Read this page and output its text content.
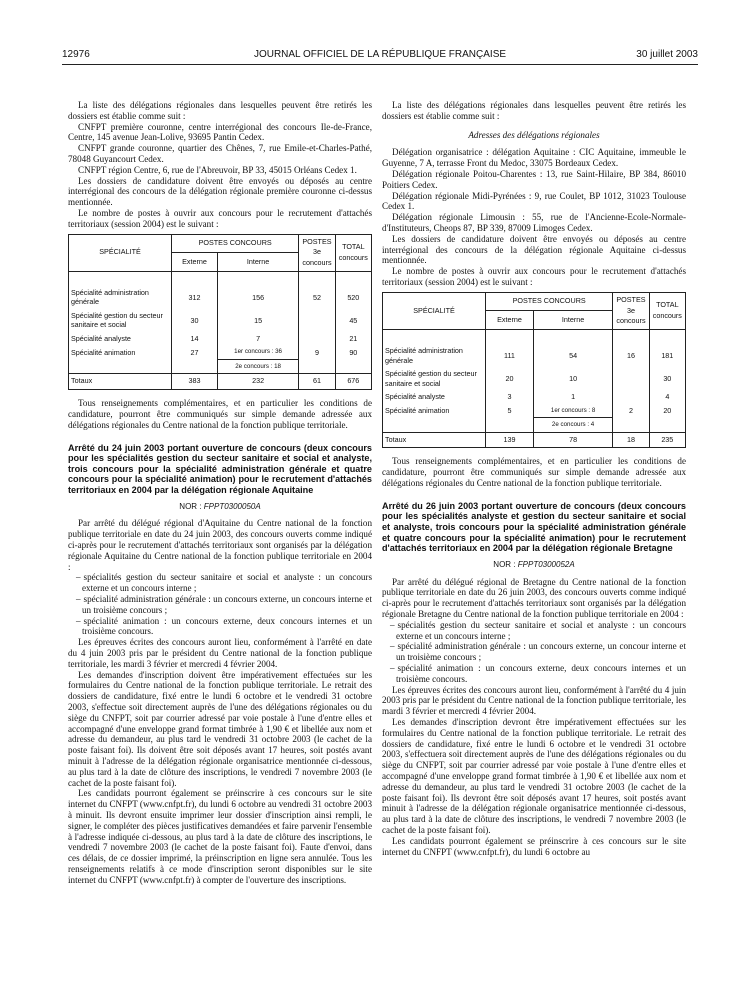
12976	JOURNAL OFFICIEL DE LA RÉPUBLIQUE FRANÇAISE	30 juillet 2003

La liste des délégations régionales dans lesquelles peuvent être retirés les dossiers est établie comme suit :

CNFPT première couronne, centre interrégional des concours Ile-de-France, Centre, 145 avenue Jean-Lolive, 93695 Pantin Cedex.

CNFPT grande couronne, quartier des Chênes, 7, rue Emile-et-Charles-Pathé, 78048 Guyancourt Cedex.

CNFPT région Centre, 6, rue de l'Abreuvoir, BP 33, 45015 Orléans Cedex 1.

Les dossiers de candidature doivent être envoyés ou déposés au centre interrégional des concours de la délégation régionale première couronne ci-dessus mentionnée.

Le nombre de postes à ouvrir aux concours pour le recrutement d'attachés territoriaux (session 2004) est le suivant :

SPÉCIALITÉ	POSTES CONCOURS		POSTES 3e concours	TOTAL concours
	Externe	Interne		
Spécialité administration générale	312	156	52	520
Spécialité gestion du secteur sanitaire et social	30	15		45
Spécialité analyste	14	7		21
Spécialité animation	27	1er concours : 36	9	90
		2e concours : 18		
Totaux	383	232	61	676

Tous renseignements complémentaires, et en particulier les conditions de candidature, pourront être communiqués sur simple demande adressée aux délégations régionales du Centre national de la fonction publique territoriale.

Arrêté du 24 juin 2003 portant ouverture de concours (deux concours pour les spécialités gestion du secteur sanitaire et social et analyste, trois concours pour la spécialité administration générale et quatre concours pour la spécialité animation) pour le recrutement d'attachés territoriaux en 2004 par la délégation régionale Aquitaine
NOR : FPPT0300050A

Par arrêté du délégué régional d'Aquitaine du Centre national de la fonction publique territoriale en date du 24 juin 2003, des concours ouverts comme indiqué ci-après pour le recrutement d'attachés territoriaux sont organisés par la délégation régionale Aquitaine du Centre national de la fonction publique territoriale en 2004 :

– spécialités gestion du secteur sanitaire et social et analyste : un concours externe et un concours interne ;
– spécialité administration générale : un concours externe, un concours interne et un troisième concours ;
– spécialité animation : un concours externe, deux concours internes et un troisième concours.

Les épreuves écrites des concours auront lieu, conformément à l'arrêté en date du 4 juin 2003 pris par le président du Centre national de la fonction publique territoriale, les mardi 3 février et mercredi 4 février 2004.

Les demandes d'inscription doivent être impérativement effectuées sur les formulaires du Centre national de la fonction publique territoriale. Le retrait des dossiers de candidature, fixé entre le lundi 6 octobre et le vendredi 31 octobre 2003, s'effectue soit directement auprès de l'une des délégations régionales ou du siège du CNFPT, soit par courrier adressé par voie postale à l'une d'entre elles et accompagné d'une enveloppe grand format timbrée à 1,90 € et libellée aux nom et adresse du demandeur, au plus tard le vendredi 31 octobre 2003 (le cachet de la poste faisant foi). Ils doivent être soit déposés avant 17 heures, soit postés avant minuit à l'adresse de la délégation régionale organisatrice mentionnée ci-dessous, au plus tard à la date de clôture des inscriptions, le vendredi 7 novembre 2003 (le cachet de la poste faisant foi).

Les candidats pourront également se préinscrire à ces concours sur le site internet du CNFPT (www.cnfpt.fr), du lundi 6 octobre au vendredi 31 octobre 2003 à minuit. Ils devront ensuite imprimer leur dossier d'inscription ainsi rempli, le signer, le compléter des pièces justificatives demandées et faire parvenir l'ensemble à l'adresse indiquée ci-dessous, au plus tard à la date de clôture des inscriptions, le vendredi 7 novembre 2003 (le cachet de la poste faisant foi). Faute d'envoi, dans ces délais, de ce dossier imprimé, la préinscription en ligne sera annulée. Tous les renseignements relatifs à ce mode d'inscription seront disponibles sur le site internet du CNFPT (www.cnfpt.fr) à compter de l'ouverture des inscriptions.

La liste des délégations régionales dans lesquelles peuvent être retirés les dossiers est établie comme suit :

Adresses des délégations régionales

Délégation organisatrice : délégation Aquitaine : CIC Aquitaine, immeuble le Guyenne, 7 A, terrasse Front du Medoc, 33075 Bordeaux Cedex.

Délégation régionale Poitou-Charentes : 13, rue Saint-Hilaire, BP 384, 86010 Poitiers Cedex.

Délégation régionale Midi-Pyrénées : 9, rue Coulet, BP 1012, 31023 Toulouse Cedex 1.

Délégation régionale Limousin : 55, rue de l'Ancienne-Ecole-Normale-d'Instituteurs, Cheops 87, BP 339, 87009 Limoges Cedex.

Les dossiers de candidature doivent être envoyés ou déposés au centre interrégional des concours de la délégation régionale Aquitaine ci-dessus mentionnée.

Le nombre de postes à ouvrir aux concours pour le recrutement d'attachés territoriaux (session 2004) est le suivant :

SPÉCIALITÉ	POSTES CONCOURS		POSTES 3e concours	TOTAL concours
	Externe	Interne		
Spécialité administration générale	111	54	16	181
Spécialité gestion du secteur sanitaire et social	20	10		30
Spécialité analyste	3	1		4
Spécialité animation	5	1er concours : 8	2	20
		2e concours : 4		
Totaux	139	78	18	235

Tous renseignements complémentaires, et en particulier les conditions de candidature, pourront être communiqués sur simple demande adressée aux délégations régionales du Centre national de la fonction publique territoriale.

Arrêté du 26 juin 2003 portant ouverture de concours (deux concours pour les spécialités analyste et gestion du secteur sanitaire et social et analyste, trois concours pour la spécialité administration générale et quatre concours pour la spécialité animation) pour le recrutement d'attachés territoriaux en 2004 par la délégation régionale Bretagne
NOR : FPPT0300052A

Par arrêté du délégué régional de Bretagne du Centre national de la fonction publique territoriale en date du 26 juin 2003, des concours ouverts comme indiqué ci-après pour le recrutement d'attachés territoriaux sont organisés par la délégation régionale Bretagne du Centre national de la fonction publique territoriale en 2004 :

– spécialités gestion du secteur sanitaire et social et analyste : un concours externe et un concours interne ;
– spécialité administration générale : un concours externe, un concour interne et un troisième concours ;
– spécialité animation : un concours externe, deux concours internes et un troisième concours.

Les épreuves écrites des concours auront lieu, conformément à l'arrêté du 4 juin 2003 pris par le président du Centre national de la fonction publique territoriale, les mardi 3 février et mercredi 4 février 2004.

Les demandes d'inscription devront être impérativement effectuées sur les formulaires du Centre national de la fonction publique territoriale. Le retrait des dossiers de candidature, fixé entre le lundi 6 octobre et le vendredi 31 octobre 2003, s'effectuera soit directement auprès de l'une des délégations régionales ou du siège du CNFPT, soit par courrier adressé par voie postale à l'une d'entre elles et accompagné d'une enveloppe grand format timbrée à 1,90 € et libellée aux nom et adresse du demandeur, au plus tard le vendredi 31 octobre 2003 (le cachet de la poste faisant foi). Ils devront être soit déposés avant 17 heures, soit postés avant minuit à l'adresse de la délégation régionale organisatrice mentionnée ci-dessous, au plus tard à la date de clôture des inscriptions, le vendredi 7 novembre 2003 (le cachet de la poste faisant foi).

Les candidats pourront également se préinscrire à ces concours sur le site internet du CNFPT (www.cnfpt.fr), du lundi 6 octobre au
